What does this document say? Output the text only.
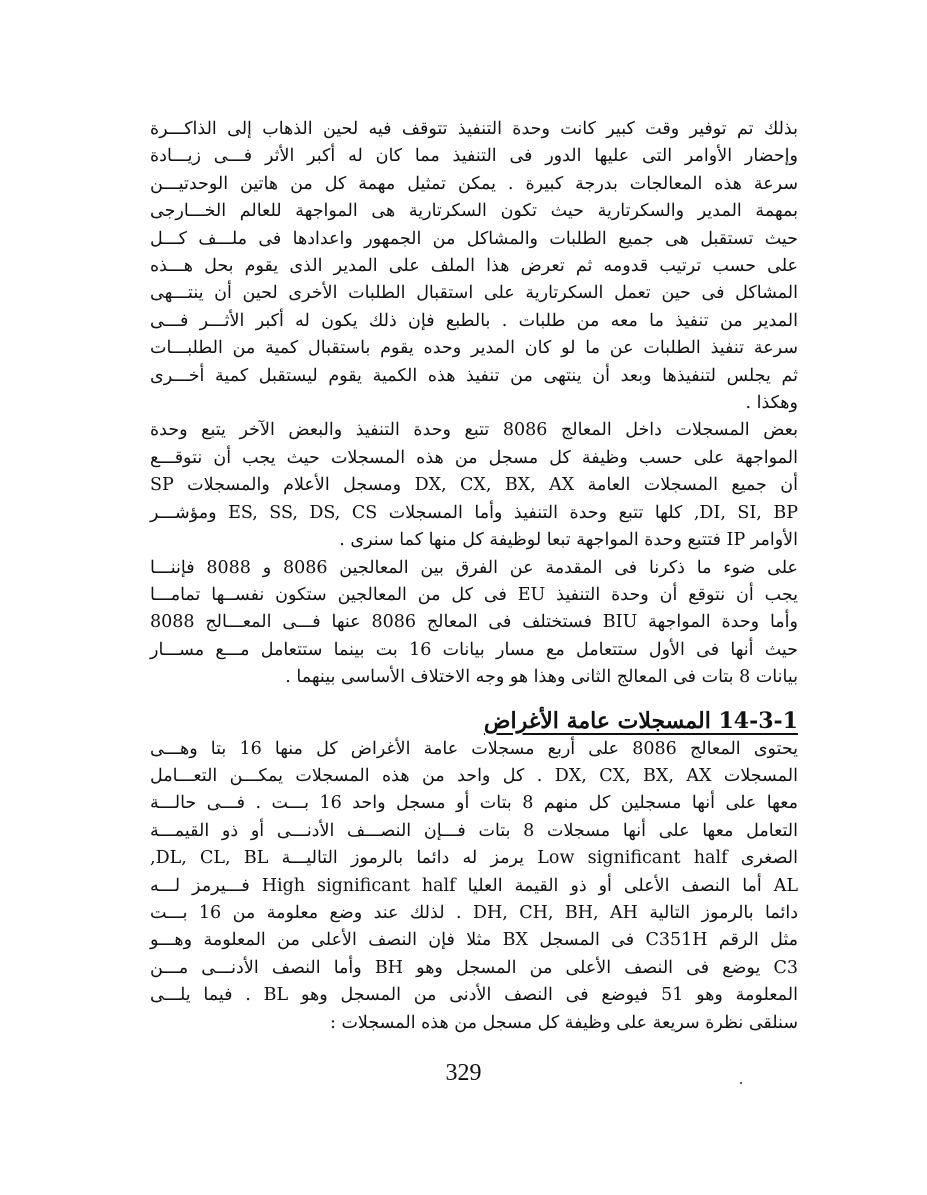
بذلك تم توفير وقت كبير كانت وحدة التنفيذ تتوقف فيه لحين الذهاب إلى الذاكـــرة
وإحضار الأوامر التى عليها الدور فى التنفيذ مما كان له أكبر الأثر فـــى زيـــادة
سرعة هذه المعالجات بدرجة كبيرة . يمكن تمثيل مهمة كل من هاتين الوحدتيـــن
بمهمة المدير والسكرتارية حيث تكون السكرتارية هى المواجهة للعالم الخـــارجى
حيث تستقبل هى جميع الطلبات والمشاكل من الجمهور واعدادها فى ملـــف كـــل
على حسب ترتيب قدومه ثم تعرض هذا الملف على المدير الذى يقوم بحل هـــذه
المشاكل فى حين تعمل السكرتارية على استقبال الطلبات الأخرى لحين أن ينتـــهى
المدير من تنفيذ ما معه من طلبات . بالطبع فإن ذلك يكون له أكبر الأثـــر فـــى
سرعة تنفيذ الطلبات عن ما لو كان المدير وحده يقوم باستقبال كمية من الطلبـــات
ثم يجلس لتنفيذها وبعد أن ينتهى من تنفيذ هذه الكمية يقوم ليستقبل كمية أخـــرى
وهكذا .

بعض المسجلات داخل المعالج 8086 تتبع وحدة التنفيذ والبعض الآخر يتبع وحدة
المواجهة على حسب وظيفة كل مسجل من هذه المسجلات حيث يجب أن نتوقـــع
أن جميع المسجلات العامة DX, CX, BX, AX ومسجل الأعلام والمسجلات SP
DI, SI, BP, كلها تتبع وحدة التنفيذ وأما المسجلات ES, SS, DS, CS ومؤشـــر
الأوامر IP فتتبع وحدة المواجهة تبعا لوظيفة كل منها كما سنرى .

على ضوء ما ذكرنا فى المقدمة عن الفرق بين المعالجين 8086 و 8088 فإننـــا
يجب أن نتوقع أن وحدة التنفيذ EU فى كل من المعالجين ستكون نفســها تمامـــا
وأما وحدة المواجهة BIU فستختلف فى المعالج 8086 عنها فـــى المعـــالج 8088
حيث أنها فى الأول ستتعامل مع مسار بيانات 16 بت بينما ستتعامل مـــع مســـار
بيانات 8 بتات فى المعالج الثانى وهذا هو وجه الاختلاف الأساسى بينهما .

14-3-1 المسجلات عامة الأغراض

يحتوى المعالج 8086 على أربع مسجلات عامة الأغراض كل منها 16 بتا وهـــى
المسجلات DX, CX, BX, AX . كل واحد من هذه المسجلات يمكـــن التعـــامل
معها على أنها مسجلين كل منهم 8 بتات أو مسجل واحد 16 بـــت . فـــى حالـــة
التعامل معها على أنها مسجلات 8 بتات فـــإن النصـــف الأدنـــى أو ذو القيمـــة
الصغرى Low significant half يرمز له دائما بالرموز التاليـــة DL, CL, BL,
AL أما النصف الأعلى أو ذو القيمة العليا High significant half فـــيرمز لـــه
دائما بالرموز التالية DH, CH, BH, AH . لذلك عند وضع معلومة من 16 بـــت
مثل الرقم C351H فى المسجل BX مثلا فإن النصف الأعلى من المعلومة وهـــو
C3 يوضع فى النصف الأعلى من المسجل وهو BH وأما النصف الأدنـــى مـــن
المعلومة وهو 51 فيوضع فى النصف الأدنى من المسجل وهو BL . فيما يلـــى
سنلقى نظرة سريعة على وظيفة كل مسجل من هذه المسجلات :

329
